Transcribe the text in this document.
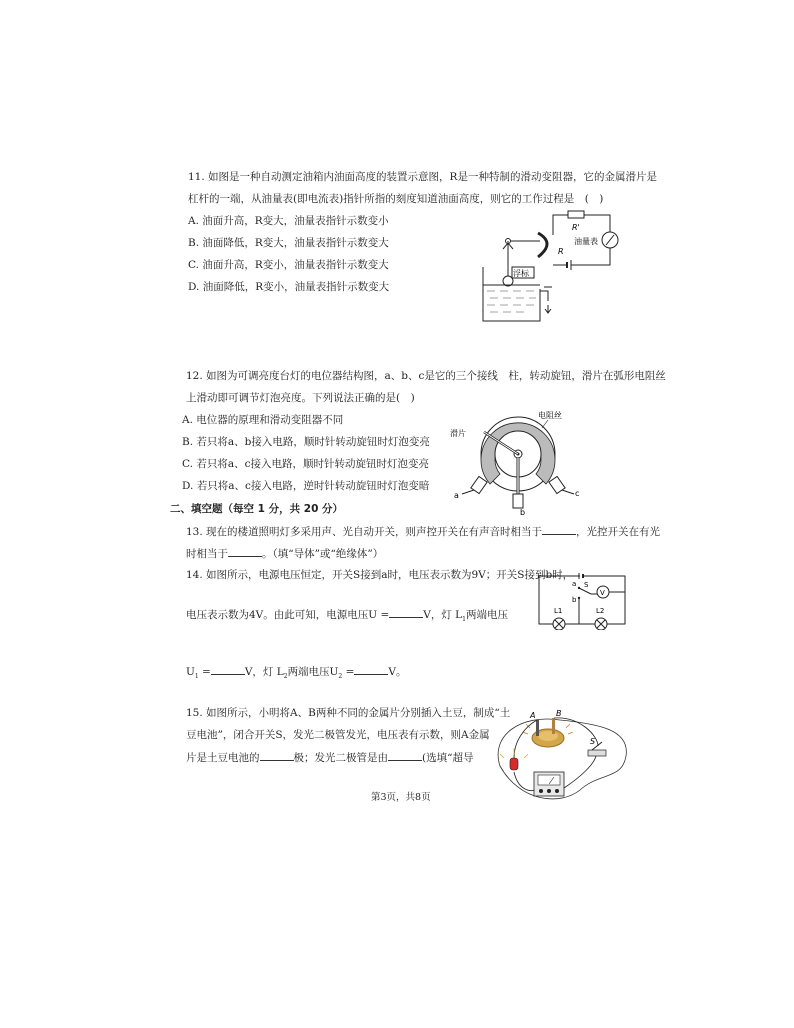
11. 如图是一种自动测定油箱内油面高度的装置示意图，R是一种特制的滑动变阻器，它的金属滑片是
杠杆的一端，从油量表(即电流表)指针所指的刻度知道油面高度，则它的工作过程是　(　)
A. 油面升高，R变大，油量表指针示数变小
B. 油面降低，R变大，油量表指针示数变大
C. 油面升高，R变小，油量表指针示数变大
D. 油面降低，R变小，油量表指针示数变大
R'
油量表
R
浮标
12. 如图为可调亮度台灯的电位器结构图，a、b、c是它的三个接线　柱，转动旋钮，滑片在弧形电阻丝
上滑动即可调节灯泡亮度。下列说法正确的是(　)
A. 电位器的原理和滑动变阻器不同
B. 若只将a、b接入电路，顺时针转动旋钮时灯泡变亮
C. 若只将a、c接入电路，顺时针转动旋钮时灯泡变亮
D. 若只将a、c接入电路，逆时针转动旋钮时灯泡变暗
电阻丝
滑片
a
b
c
二、填空题（每空 1 分，共 20 分）
13. 现在的楼道照明灯多采用声、光自动开关，则声控开关在有声音时相当于	，光控开关在有光
时相当于	。（填“导体”或“绝缘体”）
14. 如图所示，电源电压恒定，开关S接到a时，电压表示数为9V；开关S接到b时，
电压表示数为4V。由此可知，电源电压U =	V，灯 $L_1$两端电压
$U_1$ =	V，灯 $L_2$两端电压$U_2$ =	V。
a
b
S
V
L1	L2
15. 如图所示，小明将A、B两种不同的金属片分别插入土豆，制成“土
豆电池”，闭合开关S，发光二极管发光，电压表有示数，则A金属
片是土豆电池的	极；发光二极管是由	(选填“超导
A	B
S
第3页，共8页
